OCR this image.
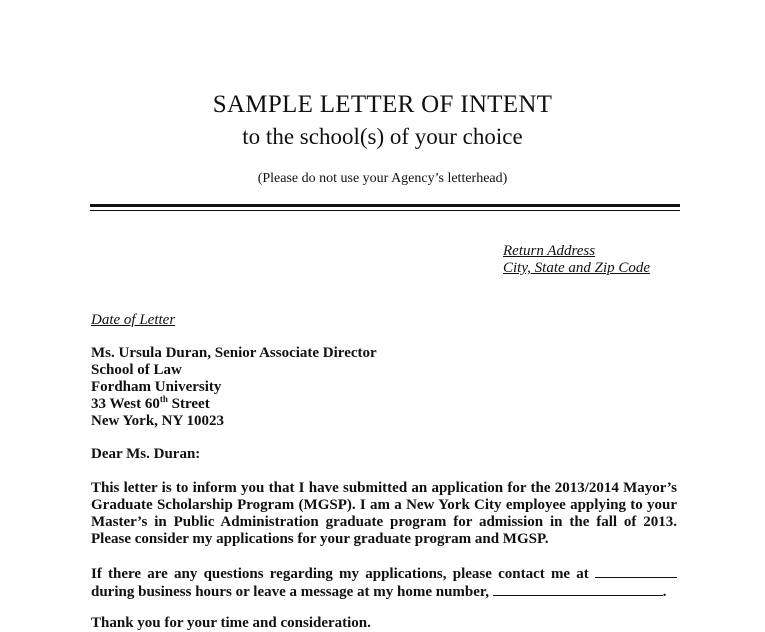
SAMPLE LETTER OF INTENT
to the school(s) of your choice
(Please do not use your Agency’s letterhead)
Return Address
City, State and Zip Code
Date of Letter
Ms. Ursula Duran, Senior Associate Director
School of Law
Fordham University
33 West 60th Street
New York, NY 10023
Dear Ms. Duran:
This letter is to inform you that I have submitted an application for the 2013/2014 Mayor’s Graduate Scholarship Program (MGSP). I am a New York City employee applying to your Master’s in Public Administration graduate program for admission in the fall of 2013. Please consider my applications for your graduate program and MGSP.
If there are any questions regarding my applications, please contact me at  during business hours or leave a message at my home number,	.
Thank you for your time and consideration.
